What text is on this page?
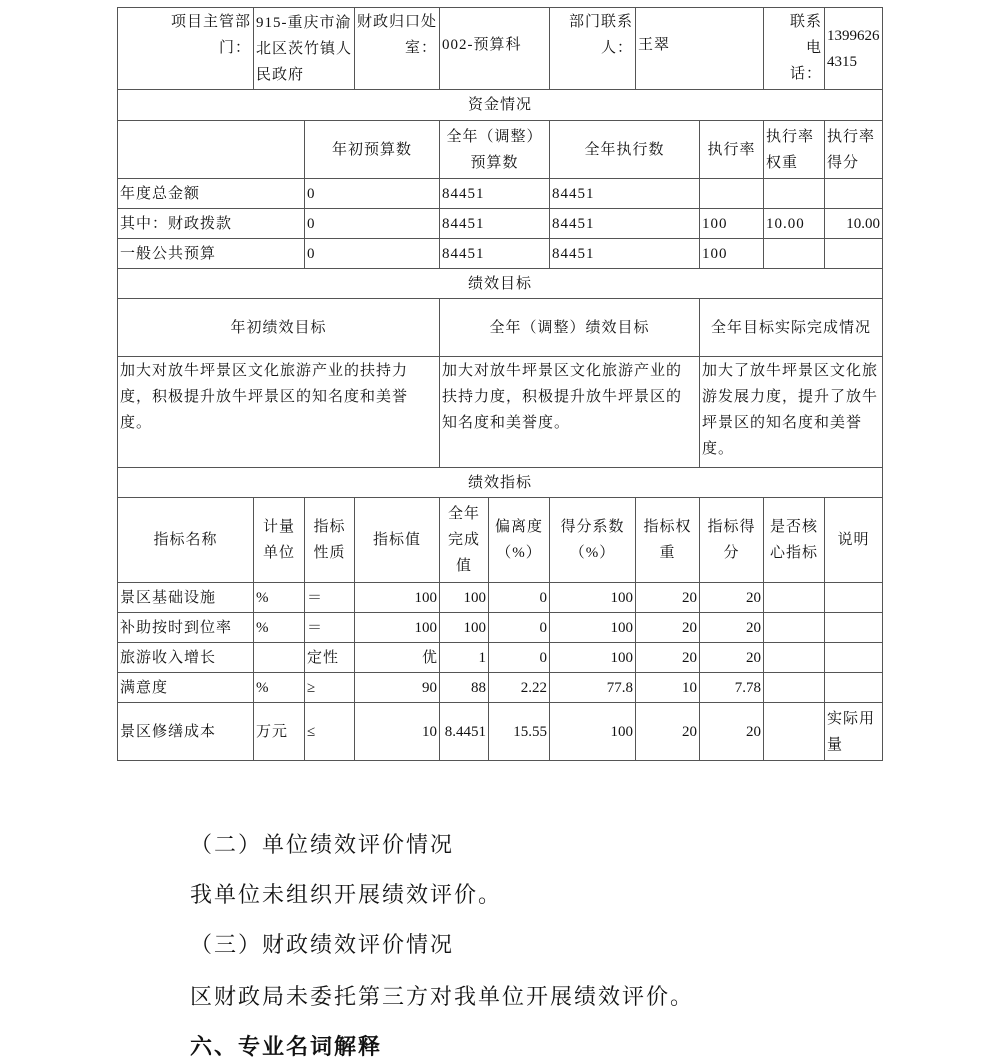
项目主管部门：	915-重庆市渝北区茨竹镇人民政府		财政归口处室：	002-预算科		部门联系人：	王翠		联系电话：	13996264315
资金情况										
		年初预算数		全年（调整）预算数		全年执行数		执行率	执行率权重	执行率得分
年度总金额		0		84451		84451				
其中：财政拨款		0		84451		84451		100	10.00	10.00
一般公共预算		0		84451		84451		100		
绩效目标										
年初绩效目标				全年（调整）绩效目标				全年目标实际完成情况		
加大对放牛坪景区文化旅游产业的扶持力度，积极提升放牛坪景区的知名度和美誉度。				加大对放牛坪景区文化旅游产业的扶持力度，积极提升放牛坪景区的知名度和美誉度。				加大了放牛坪景区文化旅游发展力度，提升了放牛坪景区的知名度和美誉度。		
绩效指标										
指标名称	计量单位	指标性质	指标值	全年完成值	偏离度（%）	得分系数（%）	指标权重	指标得分	是否核心指标	说明
景区基础设施	%	＝	100	100	0	100	20	20		
补助按时到位率	%	＝	100	100	0	100	20	20		
旅游收入增长		定性	优	1	0	100	20	20		
满意度	%	≥	90	88	2.22	77.8	10	7.78		
景区修缮成本	万元	≤	10	8.4451	15.55	100	20	20		实际用量
（二）单位绩效评价情况
我单位未组织开展绩效评价。
（三）财政绩效评价情况
区财政局未委托第三方对我单位开展绩效评价。
六、专业名词解释
